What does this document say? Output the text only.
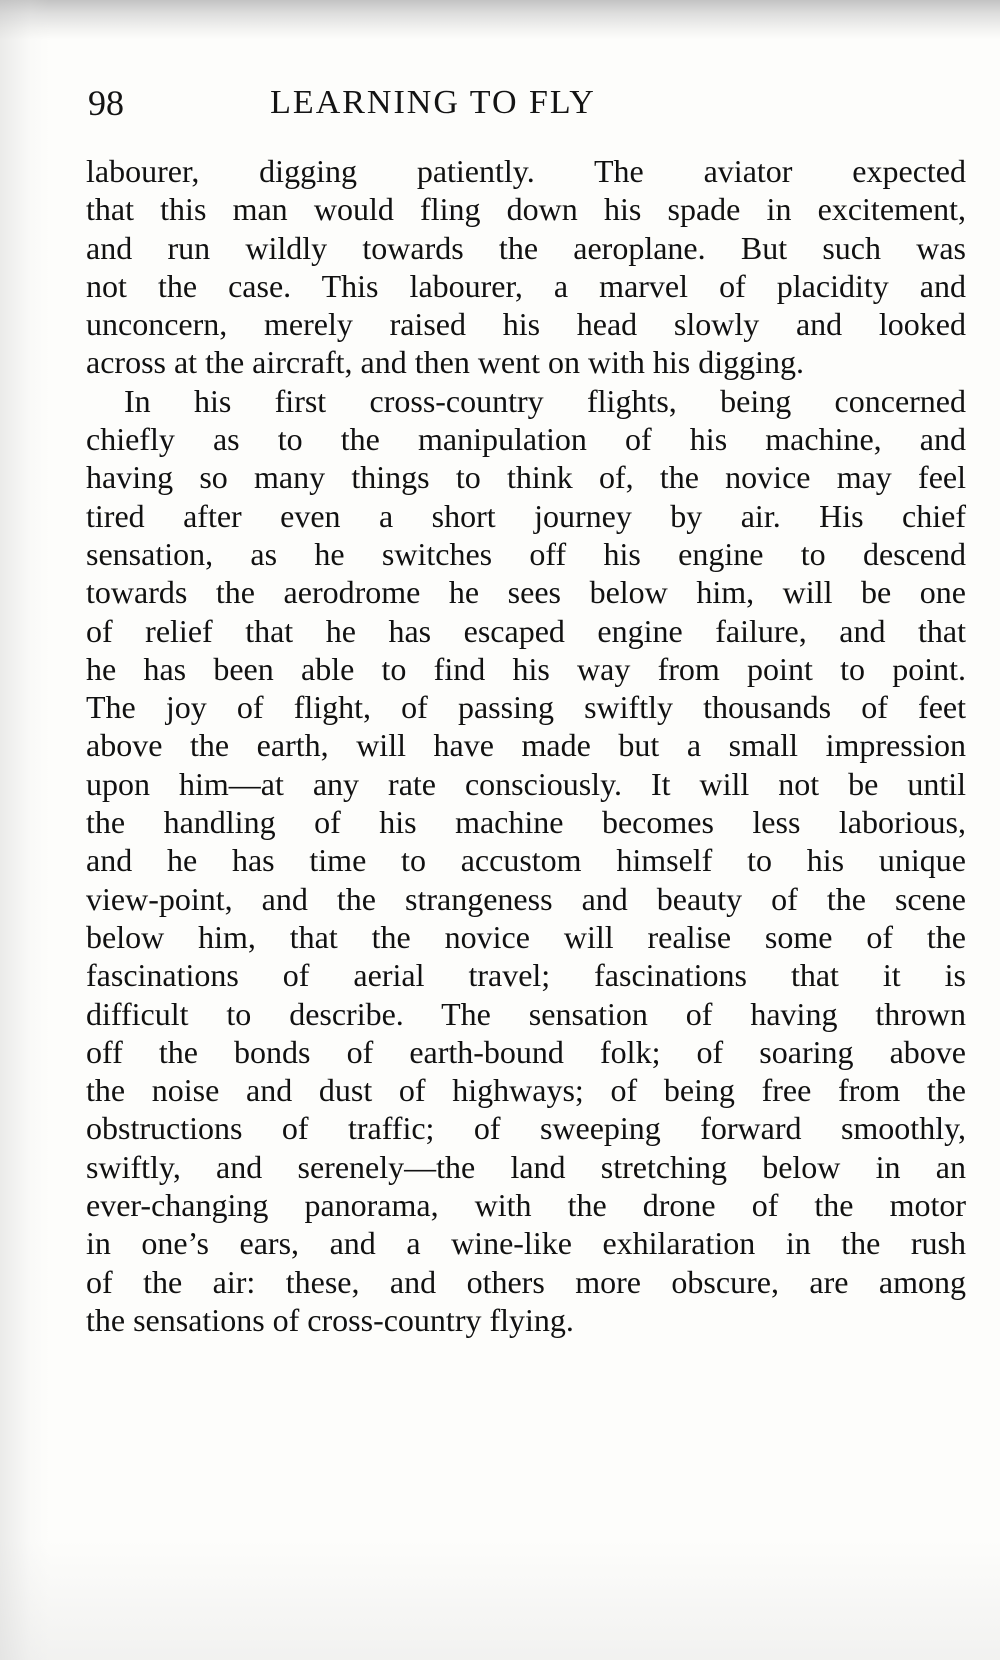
98	LEARNING TO FLY
labourer, digging patiently. The aviator expected
that this man would fling down his spade in excitement,
and run wildly towards the aeroplane. But such was
not the case. This labourer, a marvel of placidity and
unconcern, merely raised his head slowly and looked
across at the aircraft, and then went on with his digging.
In his first cross-country flights, being concerned
chiefly as to the manipulation of his machine, and
having so many things to think of, the novice may feel
tired after even a short journey by air. His chief
sensation, as he switches off his engine to descend
towards the aerodrome he sees below him, will be one
of relief that he has escaped engine failure, and that
he has been able to find his way from point to point.
The joy of flight, of passing swiftly thousands of feet
above the earth, will have made but a small impression
upon him—at any rate consciously. It will not be until
the handling of his machine becomes less laborious,
and he has time to accustom himself to his unique
view-point, and the strangeness and beauty of the scene
below him, that the novice will realise some of the
fascinations of aerial travel; fascinations that it is
difficult to describe. The sensation of having thrown
off the bonds of earth-bound folk; of soaring above
the noise and dust of highways; of being free from the
obstructions of traffic; of sweeping forward smoothly,
swiftly, and serenely—the land stretching below in an
ever-changing panorama, with the drone of the motor
in one’s ears, and a wine-like exhilaration in the rush
of the air: these, and others more obscure, are among
the sensations of cross-country flying.
